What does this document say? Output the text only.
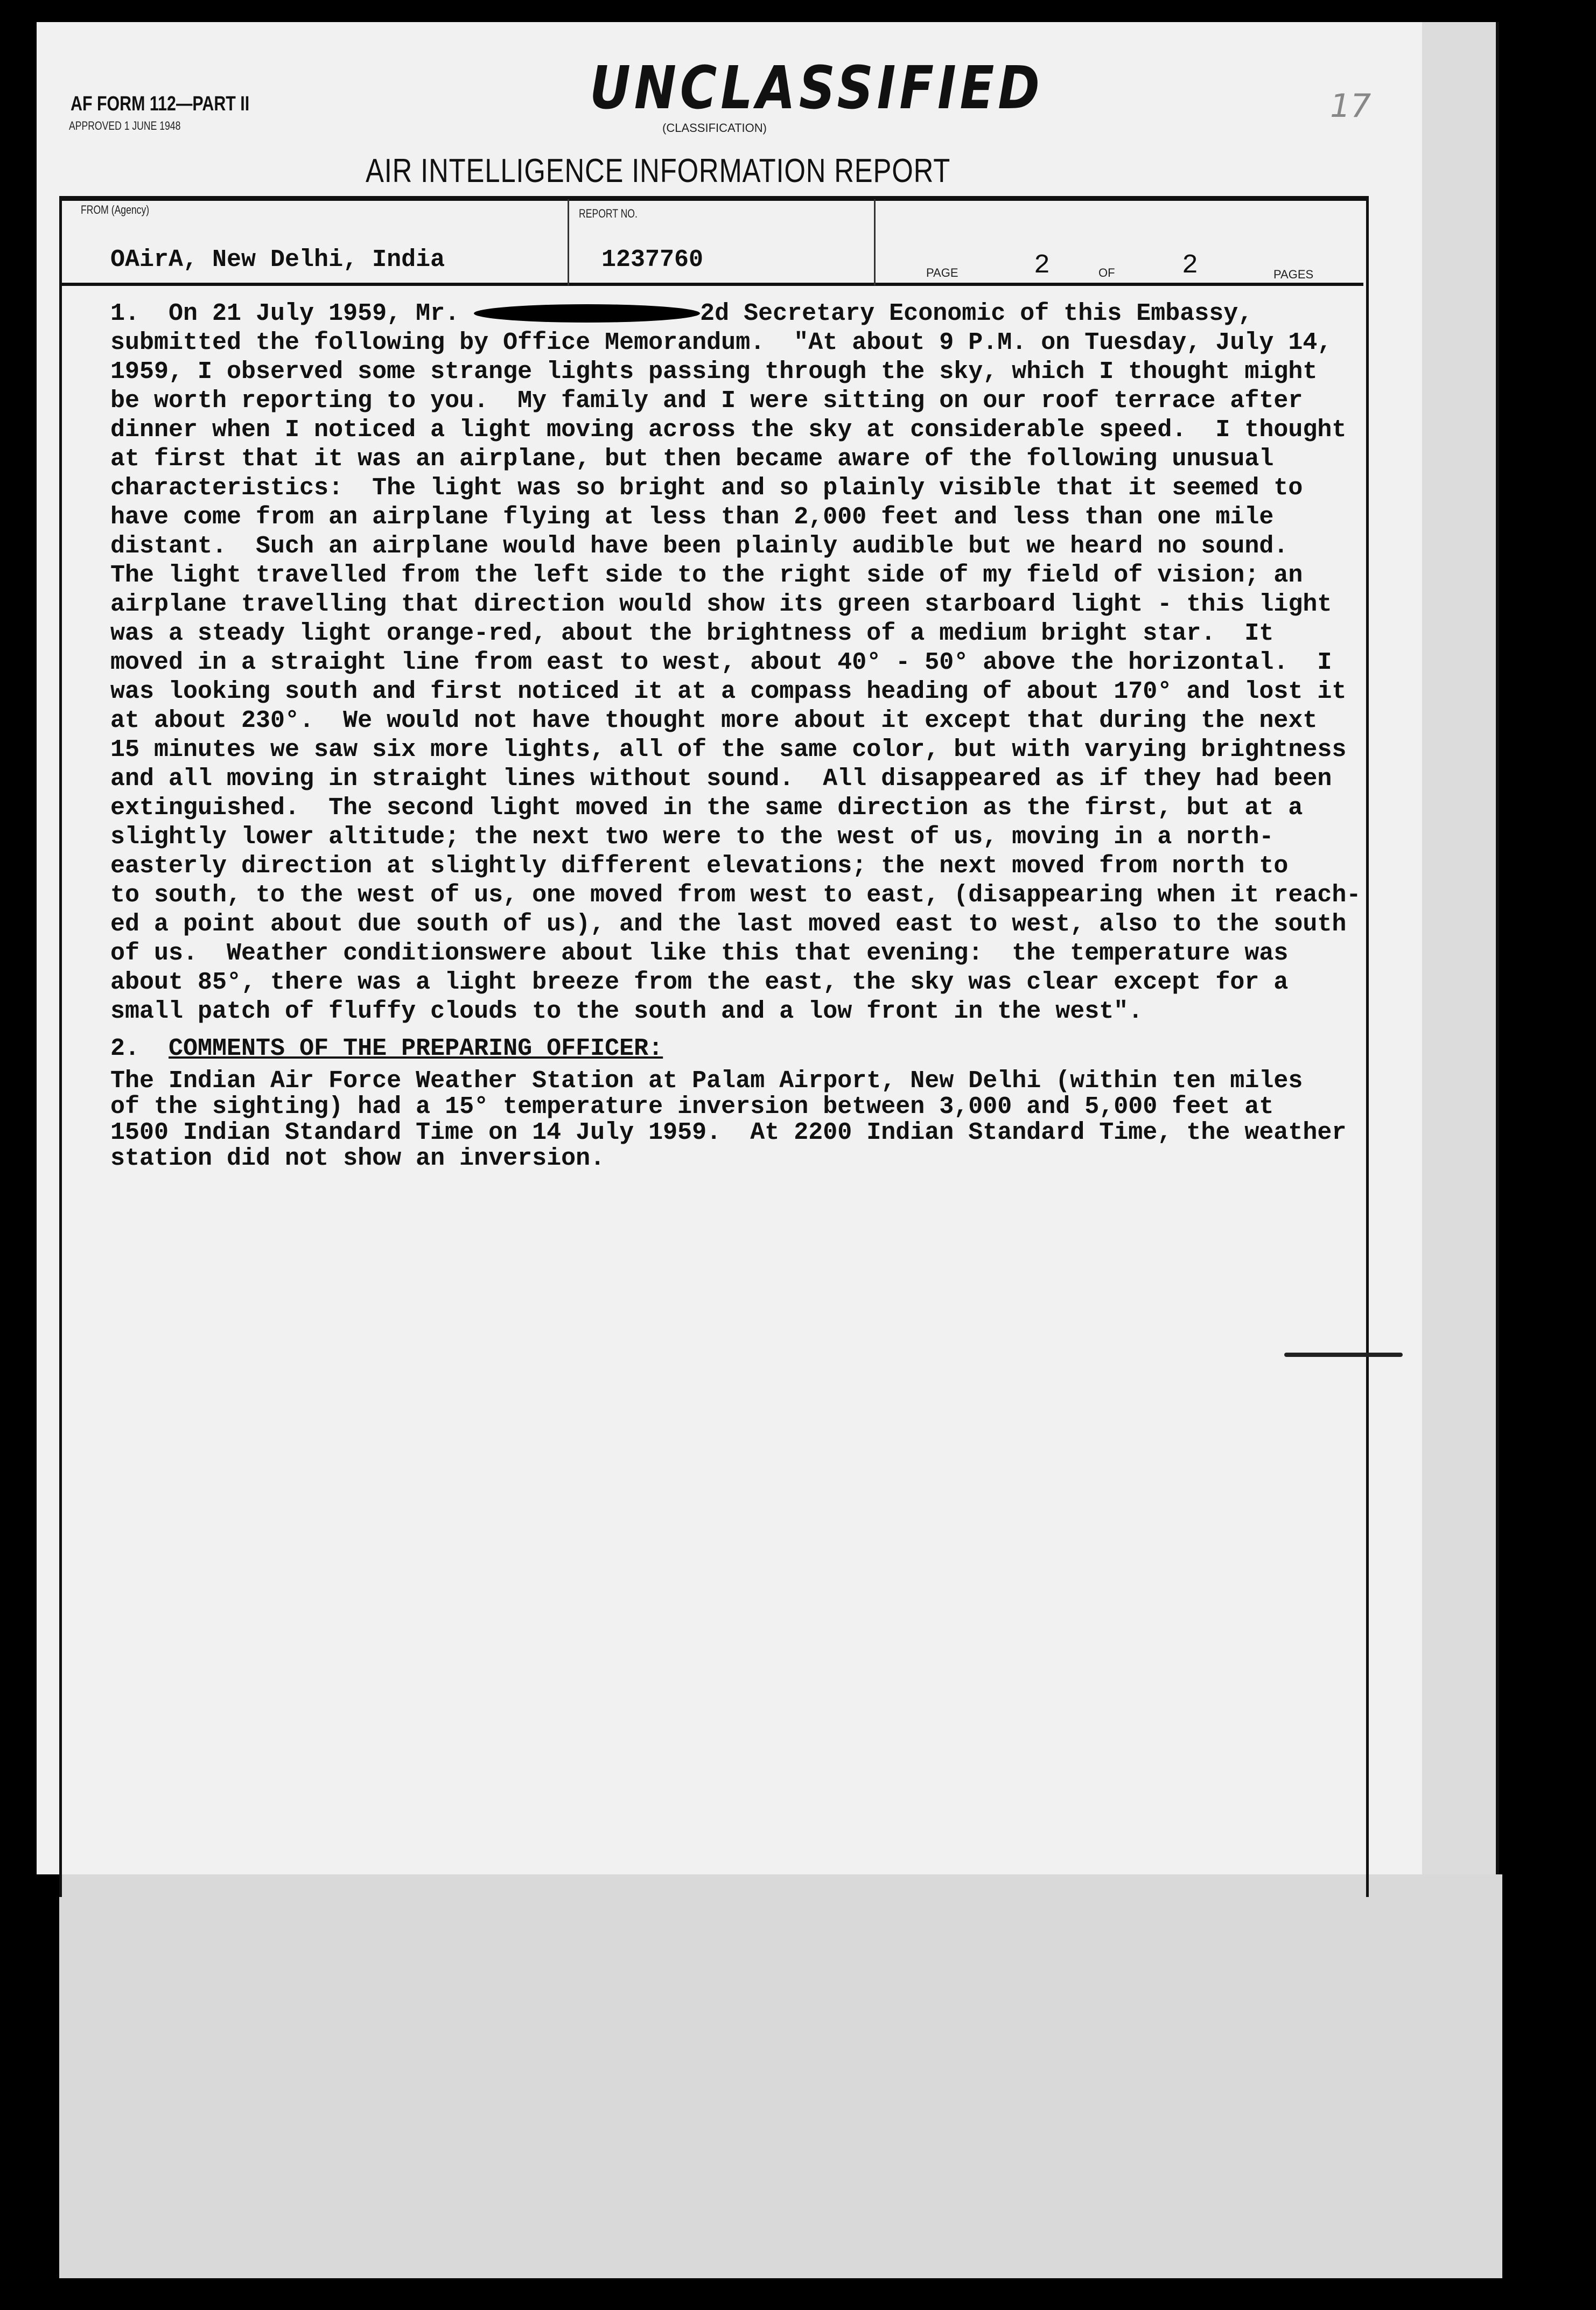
AF FORM 112—PART II
APPROVED 1 JUNE 1948
UNCLASSIFIED
(CLASSIFICATION)
17
AIR INTELLIGENCE INFORMATION REPORT
FROM (Agency)
OAirA, New Delhi, India
REPORT NO.
1237760	PAGE	2	OF 2	PAGES
1.  On 21 July 1959, Mr.	2d Secretary Economic of this Embassy,
submitted the following by Office Memorandum.  "At about 9 P.M. on Tuesday, July 14,
1959, I observed some strange lights passing through the sky, which I thought might
be worth reporting to you.  My family and I were sitting on our roof terrace after
dinner when I noticed a light moving across the sky at considerable speed.  I thought
at first that it was an airplane, but then became aware of the following unusual
characteristics:  The light was so bright and so plainly visible that it seemed to
have come from an airplane flying at less than 2,000 feet and less than one mile
distant.  Such an airplane would have been plainly audible but we heard no sound.
The light travelled from the left side to the right side of my field of vision; an
airplane travelling that direction would show its green starboard light - this light
was a steady light orange-red, about the brightness of a medium bright star.  It
moved in a straight line from east to west, about 40° - 50° above the horizontal.  I
was looking south and first noticed it at a compass heading of about 170° and lost it
at about 230°.  We would not have thought more about it except that during the next
15 minutes we saw six more lights, all of the same color, but with varying brightness
and all moving in straight lines without sound.  All disappeared as if they had been
extinguished.  The second light moved in the same direction as the first, but at a
slightly lower altitude; the next two were to the west of us, moving in a north-
easterly direction at slightly different elevations; the next moved from north to
to south, to the west of us, one moved from west to east, (disappearing when it reach-
ed a point about due south of us), and the last moved east to west, also to the south
of us.  Weather conditionswere about like this that evening:  the temperature was
about 85°, there was a light breeze from the east, the sky was clear except for a
small patch of fluffy clouds to the south and a low front in the west".
2.  COMMENTS OF THE PREPARING OFFICER:
The Indian Air Force Weather Station at Palam Airport, New Delhi (within ten miles
of the sighting) had a 15° temperature inversion between 3,000 and 5,000 feet at
1500 Indian Standard Time on 14 July 1959.  At 2200 Indian Standard Time, the weather
station did not show an inversion.
